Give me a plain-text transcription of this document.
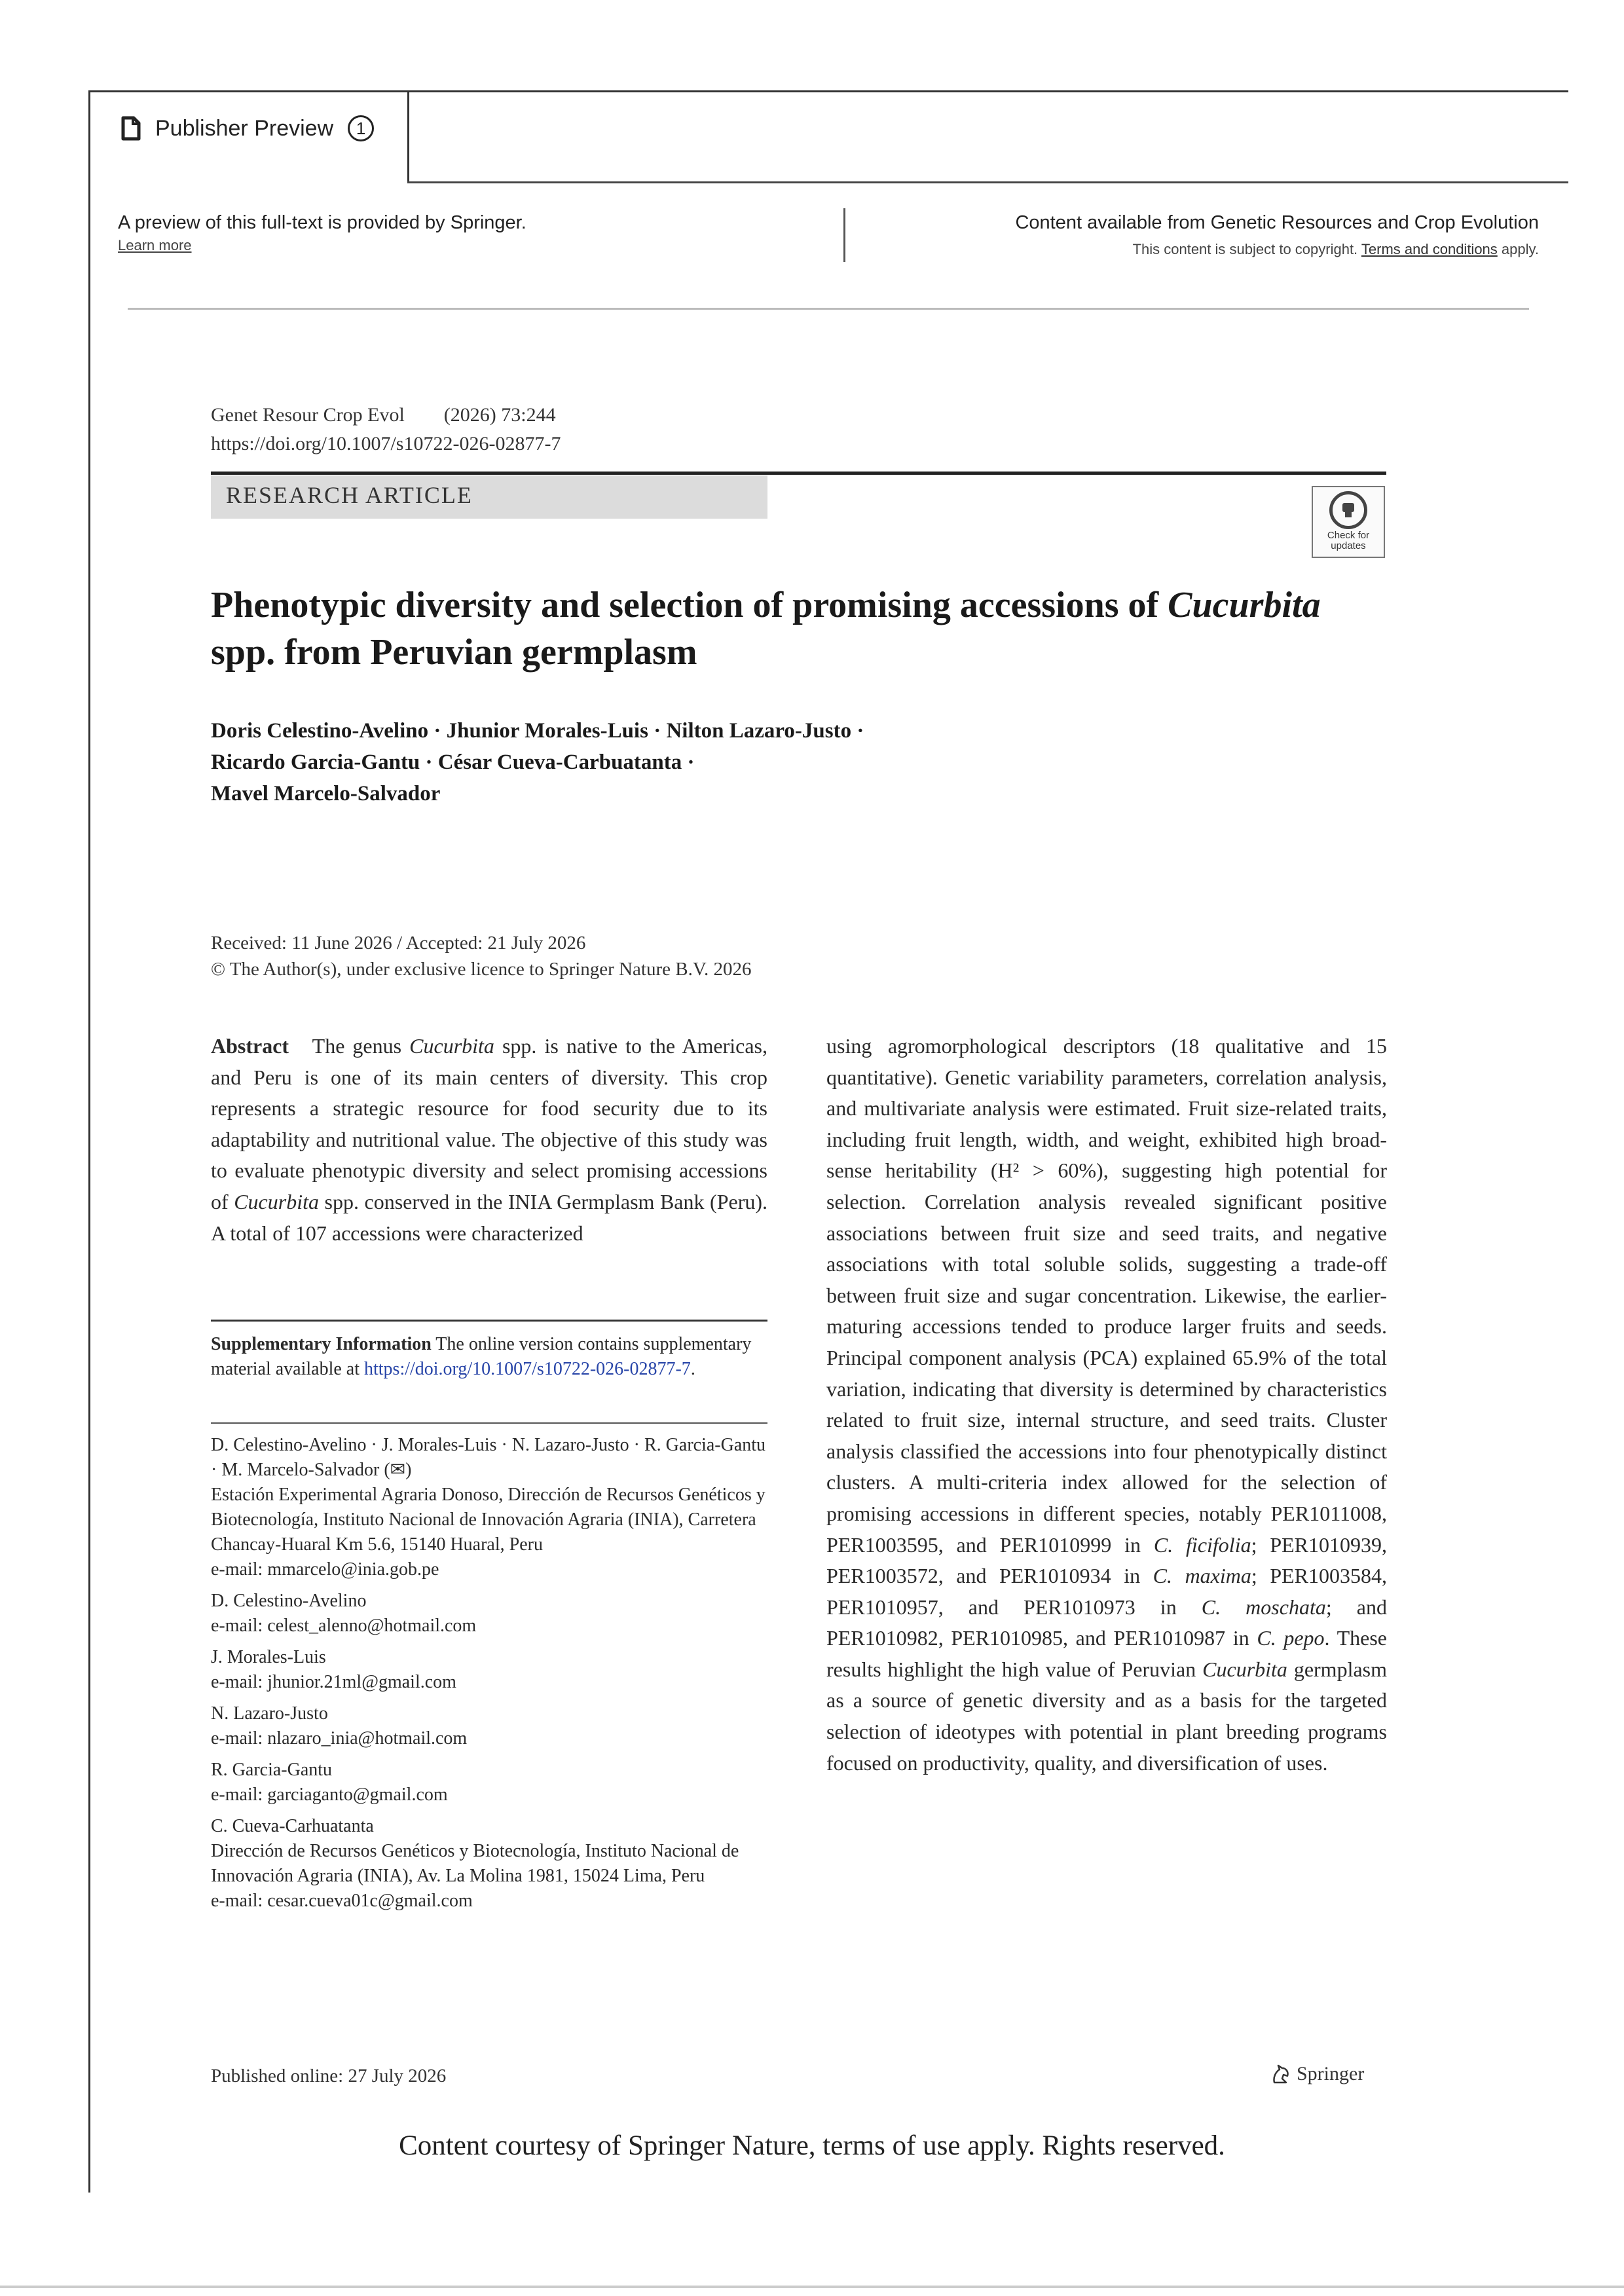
Publisher Preview	1
A preview of this full-text is provided by Springer.
Learn more
Content available from Genetic Resources and Crop Evolution
This content is subject to copyright. Terms and conditions apply.
Genet Resour Crop Evol        (2026) 73:244
https://doi.org/10.1007/s10722-026-02877-7
RESEARCH ARTICLE
Check for updates
Phenotypic diversity and selection of promising accessions of Cucurbita spp. from Peruvian germplasm
Doris Celestino-Avelino · Jhunior Morales-Luis · Nilton Lazaro-Justo ·
Ricardo Garcia-Gantu · César Cueva-Carbuatanta ·
Mavel Marcelo-Salvador
Received: 11 June 2026 / Accepted: 21 July 2026
© The Author(s), under exclusive licence to Springer Nature B.V. 2026
Abstract The genus Cucurbita spp. is native to the Americas, and Peru is one of its main centers of diversity. This crop represents a strategic resource for food security due to its adaptability and nutritional value. The objective of this study was to evaluate phenotypic diversity and select promising accessions of Cucurbita spp. conserved in the INIA Germplasm Bank (Peru). A total of 107 accessions were characterized
Supplementary Information The online version contains supplementary material available at https://doi.org/10.1007/s10722-026-02877-7.
D. Celestino-Avelino · J. Morales-Luis · N. Lazaro-Justo · R. Garcia-Gantu · M. Marcelo-Salvador (✉)
Estación Experimental Agraria Donoso, Dirección de Recursos Genéticos y Biotecnología, Instituto Nacional de Innovación Agraria (INIA), Carretera Chancay-Huaral Km 5.6, 15140 Huaral, Peru
e-mail: mmarcelo@inia.gob.pe
D. Celestino-Avelino
e-mail: celest_alenno@hotmail.com
J. Morales-Luis
e-mail: jhunior.21ml@gmail.com
N. Lazaro-Justo
e-mail: nlazaro_inia@hotmail.com
R. Garcia-Gantu
e-mail: garciaganto@gmail.com
C. Cueva-Carhuatanta
Dirección de Recursos Genéticos y Biotecnología, Instituto Nacional de Innovación Agraria (INIA), Av. La Molina 1981, 15024 Lima, Peru
e-mail: cesar.cueva01c@gmail.com
using agromorphological descriptors (18 qualitative and 15 quantitative). Genetic variability parameters, correlation analysis, and multivariate analysis were estimated. Fruit size-related traits, including fruit length, width, and weight, exhibited high broad-sense heritability (H² > 60%), suggesting high potential for selection. Correlation analysis revealed significant positive associations between fruit size and seed traits, and negative associations with total soluble solids, suggesting a trade-off between fruit size and sugar concentration. Likewise, the earlier-maturing accessions tended to produce larger fruits and seeds. Principal component analysis (PCA) explained 65.9% of the total variation, indicating that diversity is determined by characteristics related to fruit size, internal structure, and seed traits. Cluster analysis classified the accessions into four phenotypically distinct clusters. A multi-criteria index allowed for the selection of promising accessions in different species, notably PER1011008, PER1003595, and PER1010999 in C. ficifolia; PER1010939, PER1003572, and PER1010934 in C. maxima; PER1003584, PER1010957, and PER1010973 in C. moschata; and PER1010982, PER1010985, and PER1010987 in C. pepo. These results highlight the high value of Peruvian Cucurbita germplasm as a source of genetic diversity and as a basis for the targeted selection of ideotypes with potential in plant breeding programs focused on productivity, quality, and diversification of uses.
Published online: 27 July 2026	Springer
Content courtesy of Springer Nature, terms of use apply. Rights reserved.
